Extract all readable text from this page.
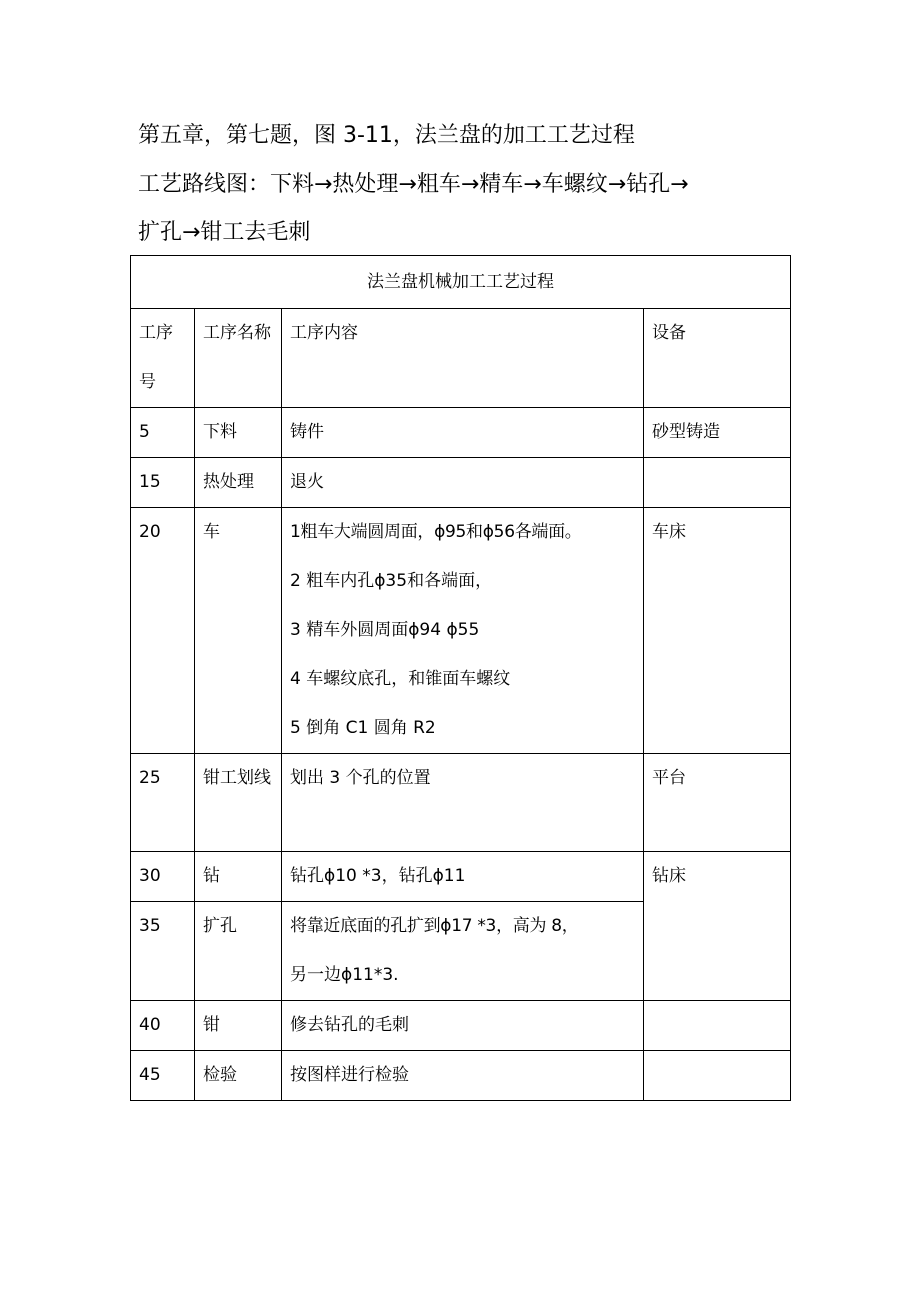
第五章，第七题，图 3-11，法兰盘的加工工艺过程
工艺路线图：下料→热处理→粗车→精车→车螺纹→钻孔→
扩孔→钳工去毛刺
法兰盘机械加工工艺过程			

工序号	工序名称	工序内容	设备
5	下料	铸件	砂型铸造
15	热处理	退火	
20	车	1粗车大端圆周面，ϕ95和ϕ56各端面。
2 粗车内孔ϕ35和各端面，
3 精车外圆周面ϕ94 ϕ55
4 车螺纹底孔，和锥面车螺纹
5 倒角 C1 圆角 R2	车床
25	钳工划线	划出 3 个孔的位置	平台
30	钻	钻孔ϕ10 *3，钻孔ϕ11	钻床
35	扩孔	将靠近底面的孔扩到ϕ17 *3，高为 8，
另一边ϕ11*3.	

40	钳	修去钻孔的毛刺	
45	检验	按图样进行检验	
